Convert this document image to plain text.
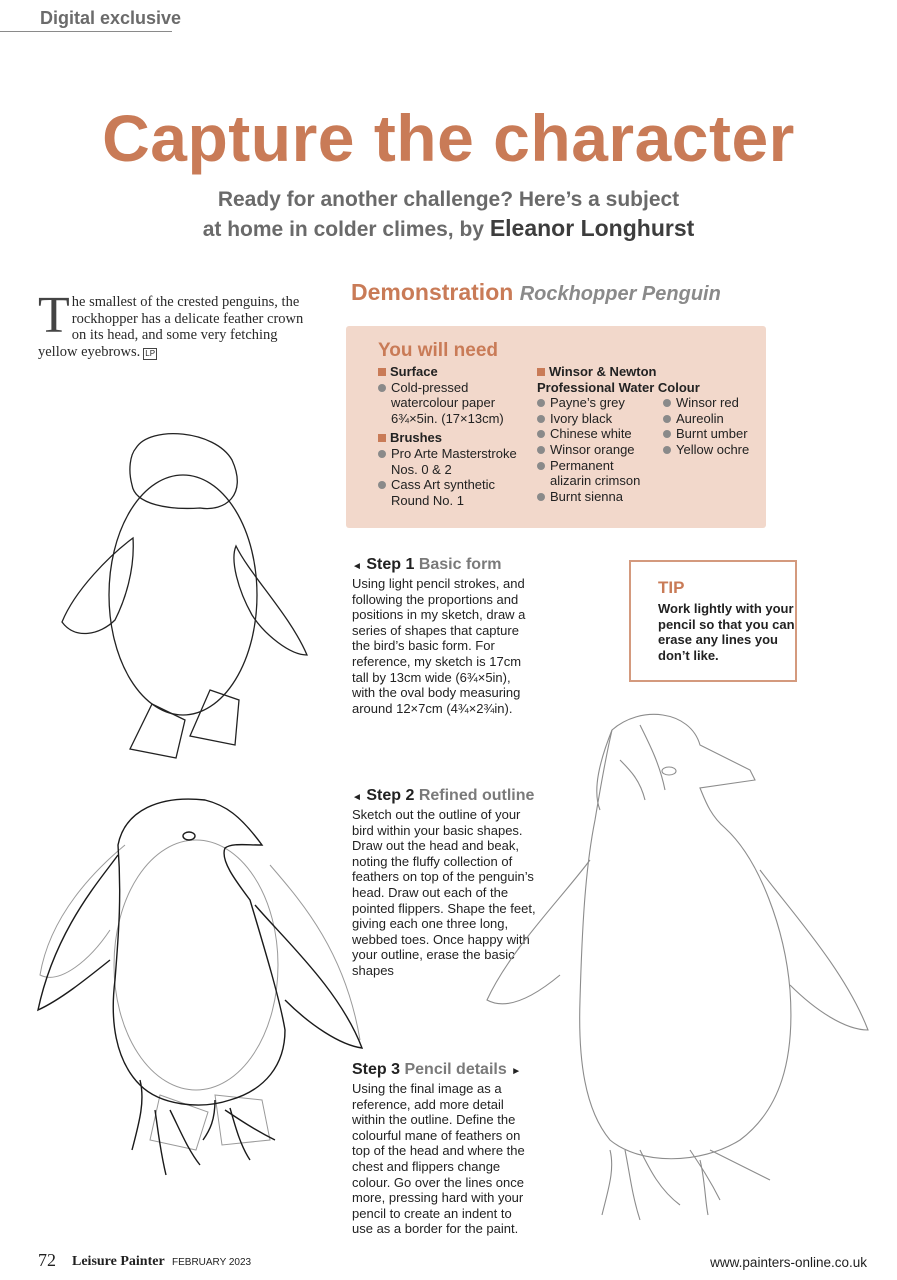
Digital exclusive
Capture the character
Ready for another challenge? Here’s a subject
at home in colder climes, by Eleanor Longhurst
The smallest of the crested penguins, the rockhopper has a delicate feather crown on its head, and some very fetching yellow eyebrows. LP
Demonstration Rockhopper Penguin
You will need
Surface
Cold-pressed watercolour paper 6¾×5in. (17×13cm)
Brushes
Pro Arte Masterstroke Nos. 0 & 2
Cass Art synthetic Round No. 1
Winsor & Newton
Professional Water Colour
Payne’s grey
Ivory black
Chinese white
Winsor orange
Permanent alizarin crimson
Burnt sienna
Winsor red
Aureolin
Burnt umber
Yellow ochre
◄ Step 1 Basic form
Using light pencil strokes, and following the proportions and positions in my sketch, draw a series of shapes that capture the bird’s basic form. For reference, my sketch is 17cm tall by 13cm wide (6¾×5in), with the oval body measuring around 12×7cm (4¾×2¾in).
◄ Step 2 Refined outline
Sketch out the outline of your bird within your basic shapes. Draw out the head and beak, noting the fluffy collection of feathers on top of the penguin’s head. Draw out each of the pointed flippers. Shape the feet, giving each one three long, webbed toes. Once happy with your outline, erase the basic shapes
Step 3 Pencil details ►
Using the final image as a reference, add more detail within the outline. Define the colourful mane of feathers on top of the head and where the chest and flippers change colour. Go over the lines once more, pressing hard with your pencil to create an indent to use as a border for the paint.
TIP
Work lightly with your pencil so that you can erase any lines you don’t like.
72 Leisure Painter FEBRUARY 2023	www.painters-online.co.uk
